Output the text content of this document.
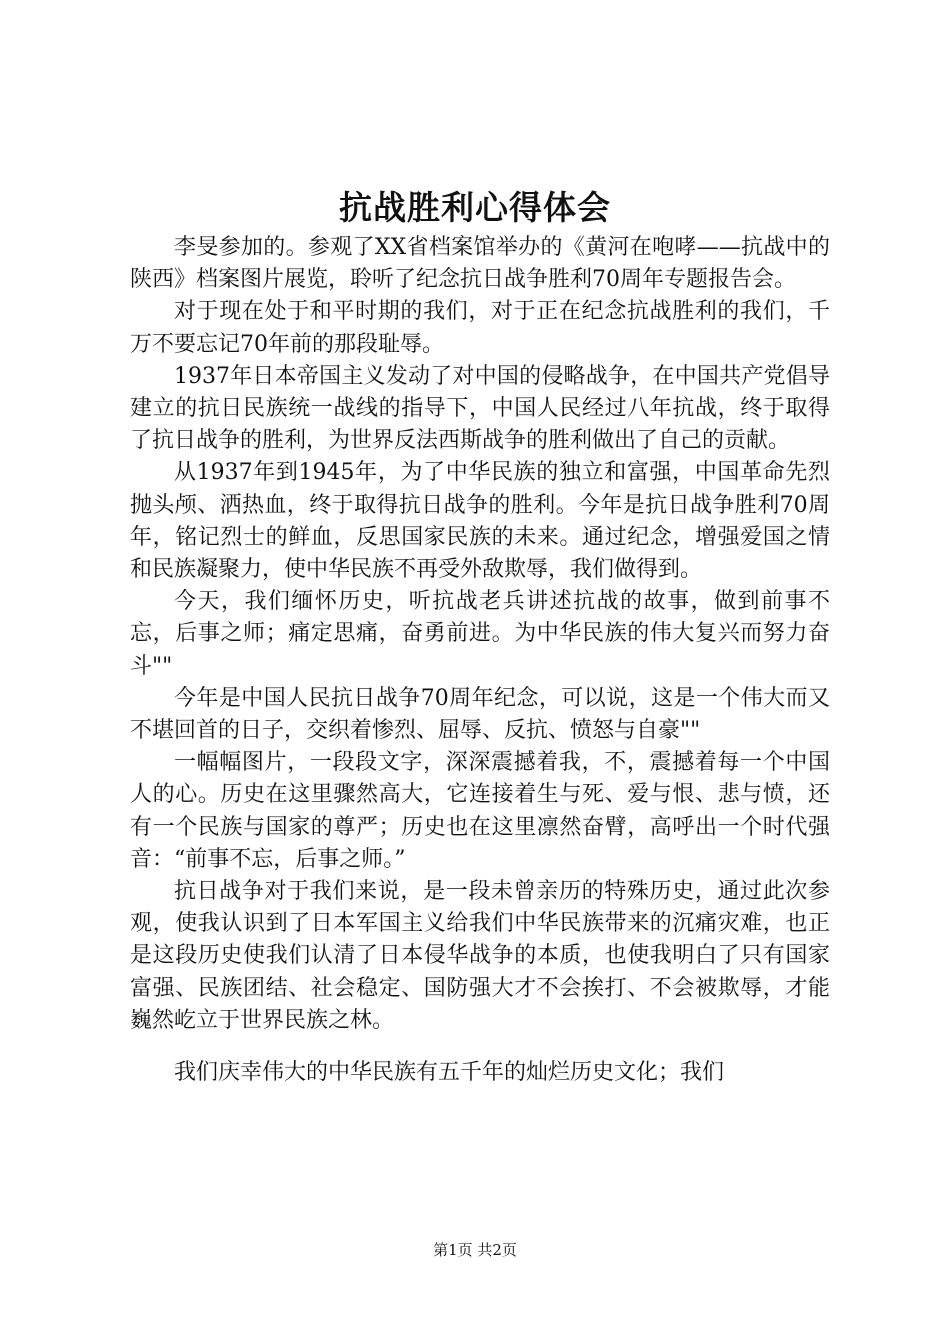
抗战胜利心得体会

李旻参加的。参观了XX省档案馆举办的《黄河在咆哮——抗战中的陕西》档案图片展览，聆听了纪念抗日战争胜利70周年专题报告会。

对于现在处于和平时期的我们，对于正在纪念抗战胜利的我们，千万不要忘记70年前的那段耻辱。

1937年日本帝国主义发动了对中国的侵略战争，在中国共产党倡导建立的抗日民族统一战线的指导下，中国人民经过八年抗战，终于取得了抗日战争的胜利，为世界反法西斯战争的胜利做出了自己的贡献。

从1937年到1945年，为了中华民族的独立和富强，中国革命先烈抛头颅、洒热血，终于取得抗日战争的胜利。今年是抗日战争胜利70周年，铭记烈士的鲜血，反思国家民族的未来。通过纪念，增强爱国之情和民族凝聚力，使中华民族不再受外敌欺辱，我们做得到。

今天，我们缅怀历史，听抗战老兵讲述抗战的故事，做到前事不忘，后事之师；痛定思痛，奋勇前进。为中华民族的伟大复兴而努力奋斗""

今年是中国人民抗日战争70周年纪念，可以说，这是一个伟大而又不堪回首的日子，交织着惨烈、屈辱、反抗、愤怒与自豪""

一幅幅图片，一段段文字，深深震撼着我，不，震撼着每一个中国人的心。历史在这里骤然高大，它连接着生与死、爱与恨、悲与愤，还有一个民族与国家的尊严；历史也在这里凛然奋臂，高呼出一个时代强音：“前事不忘，后事之师。”

抗日战争对于我们来说，是一段未曾亲历的特殊历史，通过此次参观，使我认识到了日本军国主义给我们中华民族带来的沉痛灾难，也正是这段历史使我们认清了日本侵华战争的本质，也使我明白了只有国家富强、民族团结、社会稳定、国防强大才不会挨打、不会被欺辱，才能巍然屹立于世界民族之林。

我们庆幸伟大的中华民族有五千年的灿烂历史文化；我们

第1页 共2页
